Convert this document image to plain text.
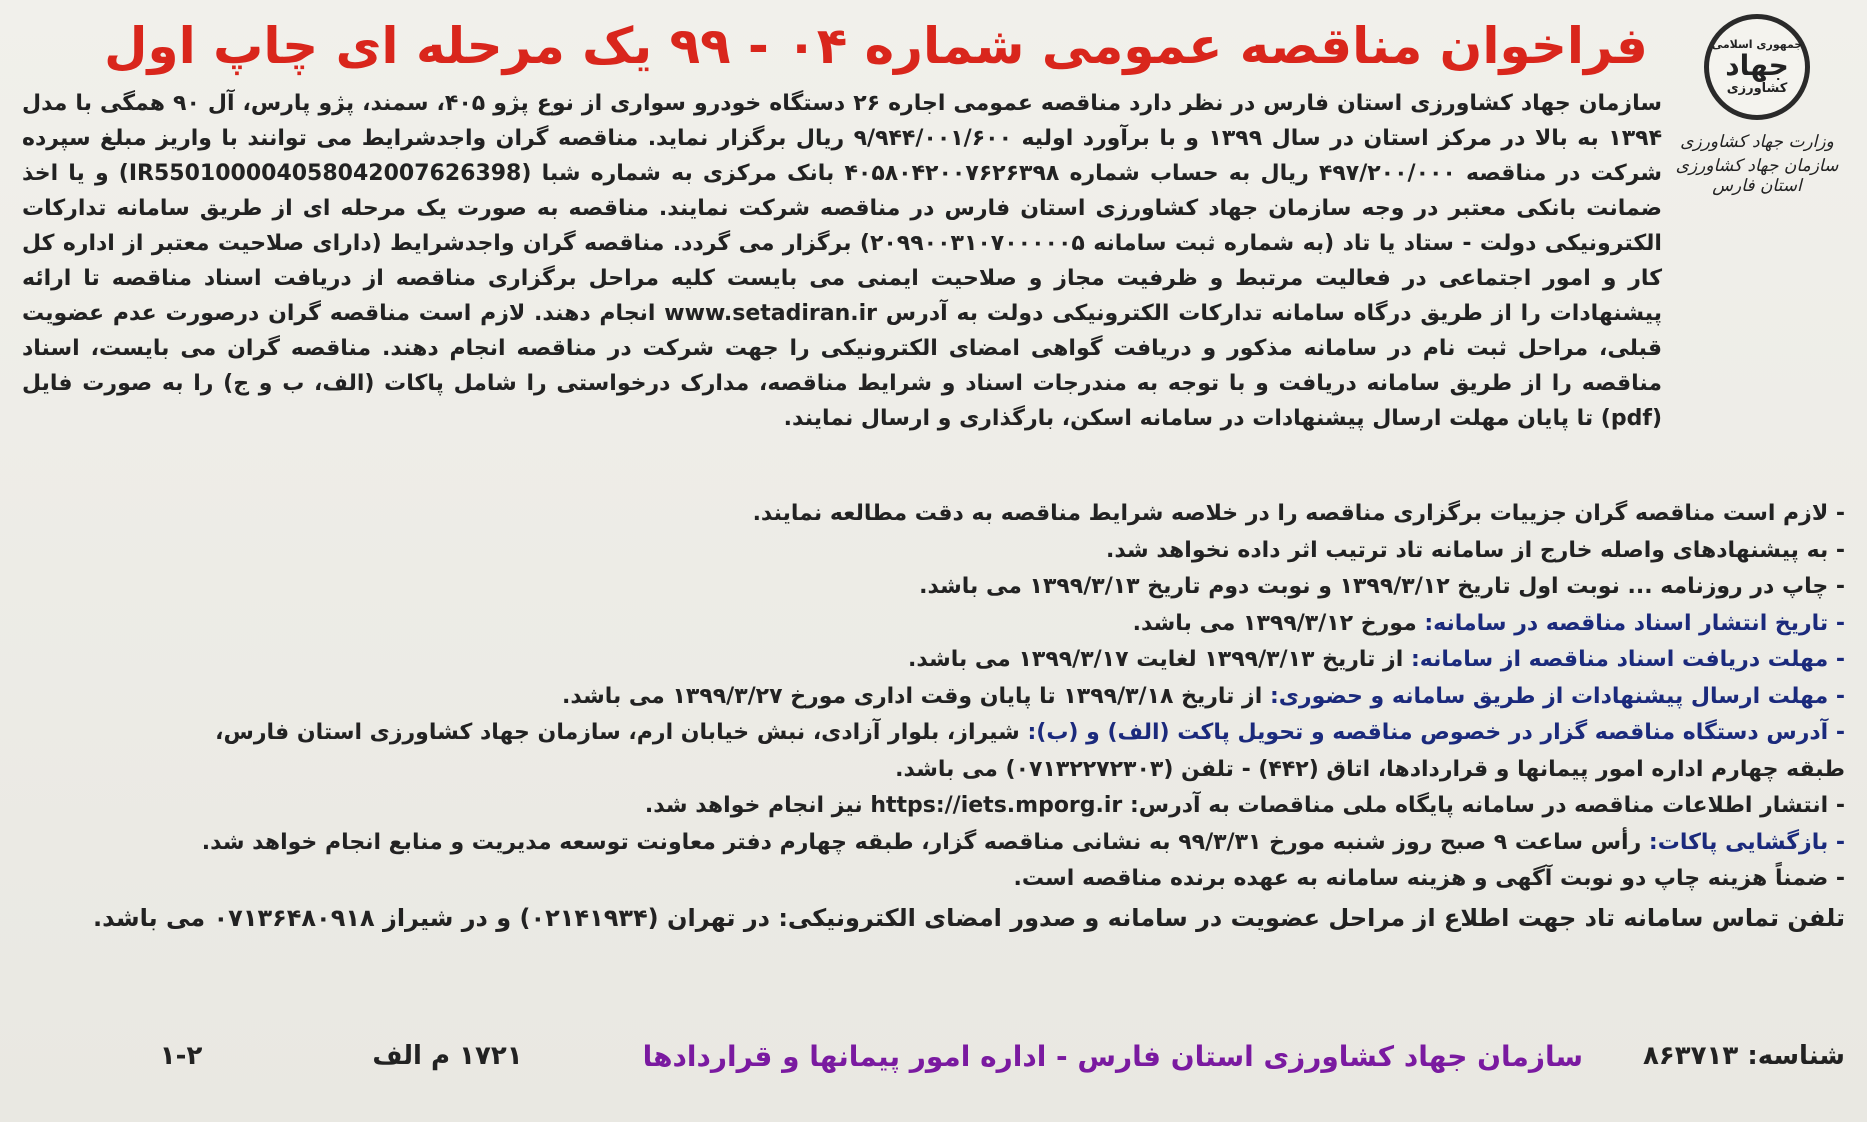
جمهوری اسلامی
جهاد
کشاورزی
وزارت جهاد کشاورزی
سازمان جهاد کشاورزی استان فارس
فراخوان مناقصه عمومی شماره ۰۴ - ۹۹ یک مرحله ای چاپ اول

سازمان جهاد کشاورزی استان فارس در نظر دارد مناقصه عمومی اجاره ۲۶ دستگاه خودرو سواری از نوع پژو ۴۰۵، سمند، پژو پارس، آل ۹۰ همگی با مدل ۱۳۹۴ به بالا در مرکز استان در سال ۱۳۹۹ و با برآورد اولیه ۹/۹۴۴/۰۰۱/۶۰۰ ریال برگزار نماید. مناقصه گران واجدشرایط می توانند با واریز مبلغ سپرده شرکت در مناقصه ۴۹۷/۲۰۰/۰۰۰ ریال به حساب شماره ۴۰۵۸۰۴۲۰۰۷۶۲۶۳۹۸ بانک مرکزی به شماره شبا (IR550100004058042007626398) و یا اخذ ضمانت بانکی معتبر در وجه سازمان جهاد کشاورزی استان فارس در مناقصه شرکت نمایند. مناقصه به صورت یک مرحله ای از طریق سامانه تدارکات الکترونیکی دولت - ستاد یا تاد (به شماره ثبت سامانه ۲۰۹۹۰۰۳۱۰۷۰۰۰۰۰۵) برگزار می گردد. مناقصه گران واجدشرایط (دارای صلاحیت معتبر از اداره کل کار و امور اجتماعی در فعالیت مرتبط و ظرفیت مجاز و صلاحیت ایمنی می بایست کلیه مراحل برگزاری مناقصه از دریافت اسناد مناقصه تا ارائه پیشنهادات را از طریق درگاه سامانه تدارکات الکترونیکی دولت به آدرس www.setadiran.ir انجام دهند. لازم است مناقصه گران درصورت عدم عضویت قبلی، مراحل ثبت نام در سامانه مذکور و دریافت گواهی امضای الکترونیکی را جهت شرکت در مناقصه انجام دهند. مناقصه گران می بایست، اسناد مناقصه را از طریق سامانه دریافت و با توجه به مندرجات اسناد و شرایط مناقصه، مدارک درخواستی را شامل پاکات (الف، ب و ج) را به صورت فایل (pdf) تا پایان مهلت ارسال پیشنهادات در سامانه اسکن، بارگذاری و ارسال نمایند.

- لازم است مناقصه گران جزییات برگزاری مناقصه را در خلاصه شرایط مناقصه به دقت مطالعه نمایند.
- به پیشنهادهای واصله خارج از سامانه تاد ترتیب اثر داده نخواهد شد.
- چاپ در روزنامه ... نوبت اول تاریخ ۱۳۹۹/۳/۱۲ و نوبت دوم تاریخ ۱۳۹۹/۳/۱۳ می باشد.
- تاریخ انتشار اسناد مناقصه در سامانه: مورخ ۱۳۹۹/۳/۱۲ می باشد.
- مهلت دریافت اسناد مناقصه از سامانه: از تاریخ ۱۳۹۹/۳/۱۳ لغایت ۱۳۹۹/۳/۱۷ می باشد.
- مهلت ارسال پیشنهادات از طریق سامانه و حضوری: از تاریخ ۱۳۹۹/۳/۱۸ تا پایان وقت اداری مورخ ۱۳۹۹/۳/۲۷ می باشد.
- آدرس دستگاه مناقصه گزار در خصوص مناقصه و تحویل پاکت (الف) و (ب): شیراز، بلوار آزادی، نبش خیابان ارم، سازمان جهاد کشاورزی استان فارس،
طبقه چهارم اداره امور پیمانها و قراردادها، اتاق (۴۴۲) - تلفن (۰۷۱۳۲۲۷۲۳۰۳) می باشد.
- انتشار اطلاعات مناقصه در سامانه پایگاه ملی مناقصات به آدرس: https://iets.mporg.ir نیز انجام خواهد شد.
- بازگشایی پاکات: رأس ساعت ۹ صبح روز شنبه مورخ ۹۹/۳/۳۱ به نشانی مناقصه گزار، طبقه چهارم دفتر معاونت توسعه مدیریت و منابع انجام خواهد شد.
- ضمناً هزینه چاپ دو نوبت آگهی و هزینه سامانه به عهده برنده مناقصه است.
تلفن تماس سامانه تاد جهت اطلاع از مراحل عضویت در سامانه و صدور امضای الکترونیکی: در تهران (۰۲۱۴۱۹۳۴) و در شیراز ۰۷۱۳۶۴۸۰۹۱۸ می باشد.
شناسه: ۸۶۳۷۱۳
سازمان جهاد کشاورزی استان فارس - اداره امور پیمانها و قراردادها
۱۷۲۱ م الف
۱-۲
